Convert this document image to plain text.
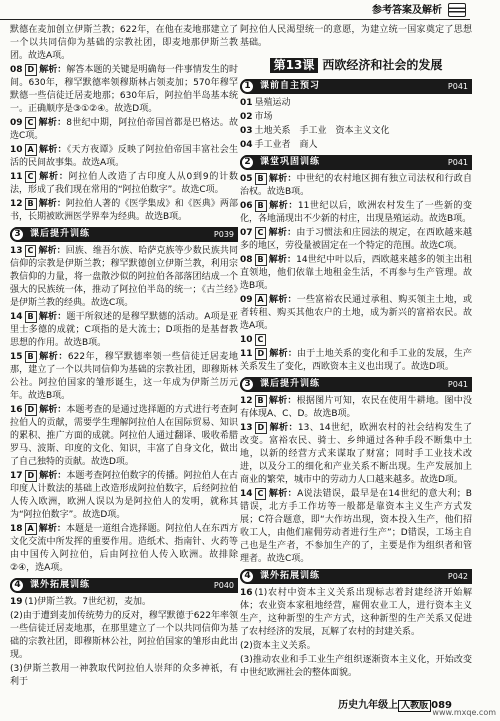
参考答案及解析
默德在麦加创立伊斯兰教；622年，在他在麦地那建立了一个以共同信仰为基础的宗教社团，即麦地那伊斯兰教团。故选A项。
08 D 解析：解答本题的关键是明确每一件事情发生的时间。630年，穆罕默德率领穆斯林占领麦加；570年穆罕默德一些信徒迁居麦地那；630年后，阿拉伯半岛基本统一。正确顺序是③①②④。故选D项。
09 C 解析：8世纪中期，阿拉伯帝国首都是巴格达。故选C项。
10 A 解析：《天方夜谭》反映了阿拉伯帝国丰富社会生活的民间故事集。故选A项。
11 C 解析：阿拉伯人改造了古印度人从0到9的计数法，形成了我们现在常用的“阿拉伯数字”。故选C项。
12 B 解析：阿拉伯人著的《医学集成》和《医典》两部书，长期被欧洲医学界奉为经典。故选B项。
3	课后提升训练	P039
13 C 解析：回族、维吾尔族、哈萨克族等少数民族共同信仰的宗教是伊斯兰教；穆罕默德创立伊斯兰教，利用宗教信仰的力量，将一盘散沙似的阿拉伯各部落团结成一个强大的民族统一体，推动了阿拉伯半岛的统一；《古兰经》是伊斯兰教的经典。故选C项。
14 B 解析：题干所叙述的是穆罕默德的活动。A项是亚里士多德的成就；C项指的是大流士；D项指的是基督教思想的作用。故选B项。
15 B 解析：622年，穆罕默德率领一些信徒迁居麦地那，建立了一个以共同信仰为基础的宗教社团，即穆斯林公社。阿拉伯国家的雏形诞生，这一年成为伊斯兰历元年。故选B项。
16 D 解析：本题考查的是通过选择题的方式进行考查阿拉伯人的贡献，需要学生理解阿拉伯人在国际贸易、知识的累积、推广方面的成就。阿拉伯人通过翻译、吸收希腊罗马、波斯、印度的文化、知识，丰富了自身文化，做出了自己独特的贡献。故选D项。
17 D 解析：本题考查阿拉伯数字的传播。阿拉伯人在古印度人计数法的基础上改造形成阿拉伯数字，后经阿拉伯人传入欧洲，欧洲人误以为是阿拉伯人的发明，就称其为“阿拉伯数字”。故选D项。
18 A 解析：本题是一道组合选择题。阿拉伯人在东西方文化交流中所发挥的重要作用。造纸术、指南针、火药等由中国传入阿拉伯，后由阿拉伯人传入欧洲。故排除②④，选A项。
4	课外拓展训练	P040
19 (1)伊斯兰教。7世纪初，麦加。
(2)由于遭到麦加传统势力的反对，穆罕默德于622年率领一些信徒迁居麦地那，在那里建立了一个以共同信仰为基础的宗教社团，即穆斯林公社，阿拉伯国家的雏形由此出现。
(3)伊斯兰教用一神教取代阿拉伯人崇拜的众多神祇，有利于
阿拉伯人民渴望统一的意愿，为建立统一国家奠定了思想基础。
第13课 西欧经济和社会的发展
1	课前自主预习	P041
01 垦殖运动
02 市场
03 土地关系　手工业　资本主义文化
04 手工业者　商人
2	课堂巩固训练	P041
05 B 解析：中世纪的农村地区拥有独立司法权和行政自治权。故选B项。
06 B 解析：11世纪以后，欧洲农村发生了一些新的变化，各地涌现出不少新的村庄，出现垦殖运动。故选B项。
07 C 解析：由于习惯法和庄园法的规定，在西欧越来越多的地区，劳役量被固定在一个特定的范围。故选C项。
08 B 解析：14世纪中叶以后，西欧越来越多的领主出租直领地，他们依靠土地租金生活，不再参与生产管理。故选B项。
09 A 解析：一些富裕农民通过承租、购买领主土地，或者转租、购买其他农户的土地，成为新兴的富裕农民。故选A项。
10 C
11 D 解析：由于土地关系的变化和手工业的发展，生产关系发生了变化，西欧资本主义也出现了。故选D项。
3	课后提升训练	P041
12 B 解析：根据图片可知，农民在使用牛耕地。图中没有体现A、C、D。故选B项。
13 D 解析：13、14世纪，欧洲农村的社会结构发生了改变。富裕农民、骑士、乡绅通过各种手段不断集中土地，以新的经营方式来谋取了财富；同时手工业技术改进，以及分工的细化和产业关系不断出现。生产发展加上商业的繁荣，城市中的劳动力人口越来越多。故选D项。
14 C 解析：A说法错误，最早是在14世纪的意大利；B错误，北方手工作坊等一般都是靠资本主义生产方式发展；C符合题意，即“大作坊出现，资本投入生产，他们招收工人，由他们雇佣劳动者进行生产”；D错误，工场主自己也是生产者，不参加生产的了，主要是作为组织者和管理者。故选C项。
4	课外拓展训练	P042
16 (1)农村中资本主义关系出现标志着封建经济开始解体；农业资本家租地经营，雇佣农业工人，进行资本主义生产，这种新型的生产方式，这种新型的生产关系又促进了农村经济的发展，瓦解了农村的封建关系。
(2)资本主义关系。
(3)推动农业和手工业生产组织逐渐资本主义化，开始改变中世纪欧洲社会的整体面貌。
历史九年级上 人教版 089
www.mxqe.com
